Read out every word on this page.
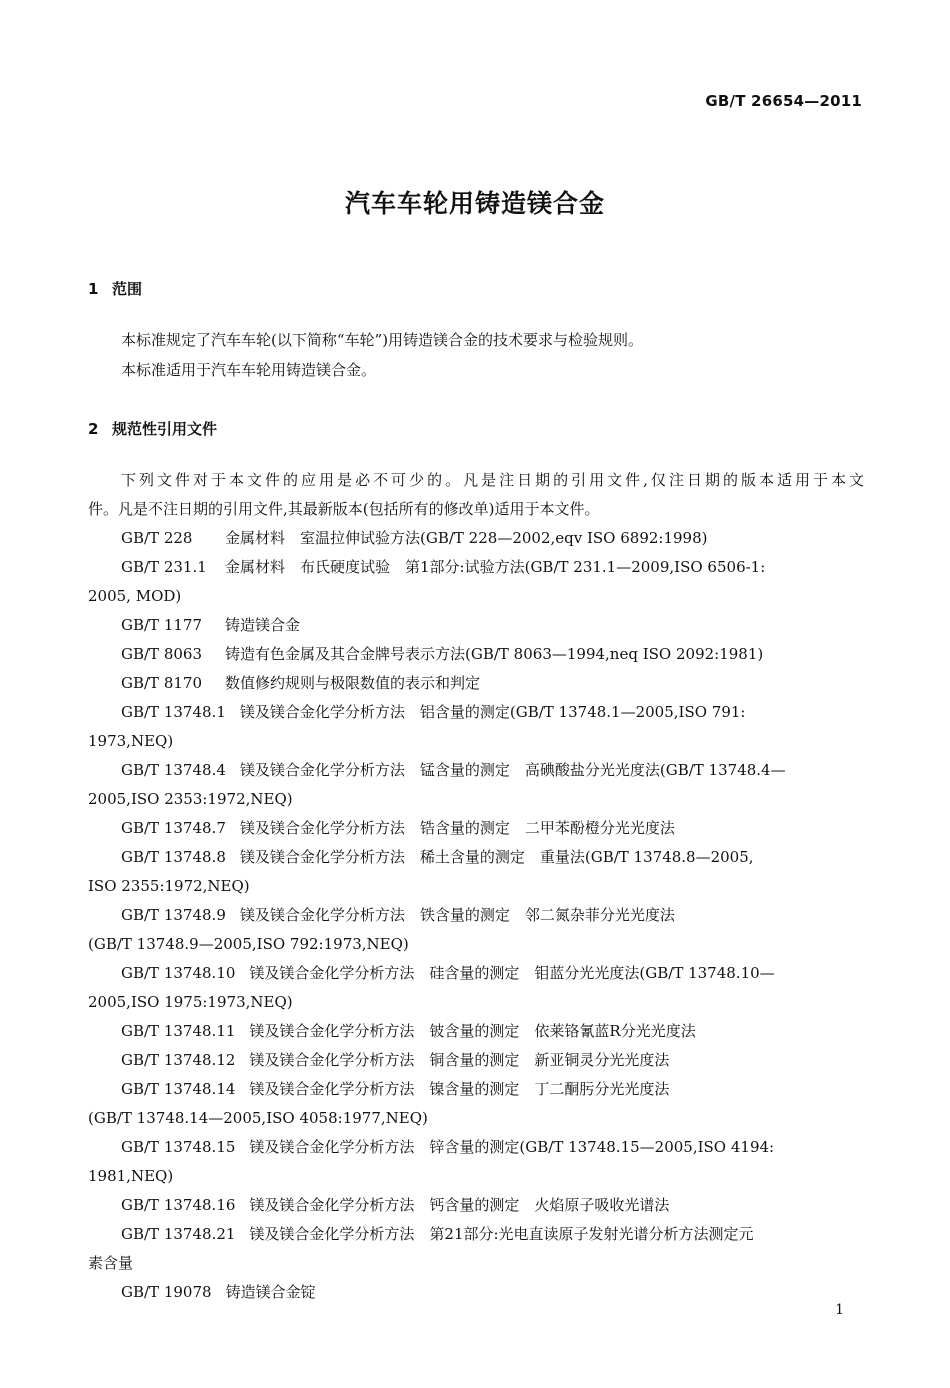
GB/T 26654—2011
汽车车轮用铸造镁合金
1 范围
本标准规定了汽车车轮(以下简称“车轮”)用铸造镁合金的技术要求与检验规则。
本标准适用于汽车车轮用铸造镁合金。
2 规范性引用文件
下列文件对于本文件的应用是必不可少的。凡是注日期的引用文件,仅注日期的版本适用于本文
件。凡是不注日期的引用文件,其最新版本(包括所有的修改单)适用于本文件。
GB/T 228 金属材料　室温拉伸试验方法(GB/T 228—2002,eqv ISO 6892:1998)
GB/T 231.1 金属材料　布氏硬度试验　第1部分:试验方法(GB/T 231.1—2009,ISO 6506-1:
2005, MOD)
GB/T 1177 铸造镁合金
GB/T 8063 铸造有色金属及其合金牌号表示方法(GB/T 8063—1994,neq ISO 2092:1981)
GB/T 8170 数值修约规则与极限数值的表示和判定
GB/T 13748.1 镁及镁合金化学分析方法　铝含量的测定(GB/T 13748.1—2005,ISO 791:
1973,NEQ)
GB/T 13748.4 镁及镁合金化学分析方法　锰含量的测定　高碘酸盐分光光度法(GB/T 13748.4—
2005,ISO 2353:1972,NEQ)
GB/T 13748.7 镁及镁合金化学分析方法　锆含量的测定　二甲苯酚橙分光光度法
GB/T 13748.8 镁及镁合金化学分析方法　稀土含量的测定　重量法(GB/T 13748.8—2005,
ISO 2355:1972,NEQ)
GB/T 13748.9 镁及镁合金化学分析方法　铁含量的测定　邻二氮杂菲分光光度法
(GB/T 13748.9—2005,ISO 792:1973,NEQ)
GB/T 13748.10 镁及镁合金化学分析方法　硅含量的测定　钼蓝分光光度法(GB/T 13748.10—
2005,ISO 1975:1973,NEQ)
GB/T 13748.11 镁及镁合金化学分析方法　铍含量的测定　依莱铬氰蓝R分光光度法
GB/T 13748.12 镁及镁合金化学分析方法　铜含量的测定　新亚铜灵分光光度法
GB/T 13748.14 镁及镁合金化学分析方法　镍含量的测定　丁二酮肟分光光度法
(GB/T 13748.14—2005,ISO 4058:1977,NEQ)
GB/T 13748.15 镁及镁合金化学分析方法　锌含量的测定(GB/T 13748.15—2005,ISO 4194:
1981,NEQ)
GB/T 13748.16 镁及镁合金化学分析方法　钙含量的测定　火焰原子吸收光谱法
GB/T 13748.21 镁及镁合金化学分析方法　第21部分:光电直读原子发射光谱分析方法测定元
素含量
GB/T 19078 铸造镁合金锭
1
